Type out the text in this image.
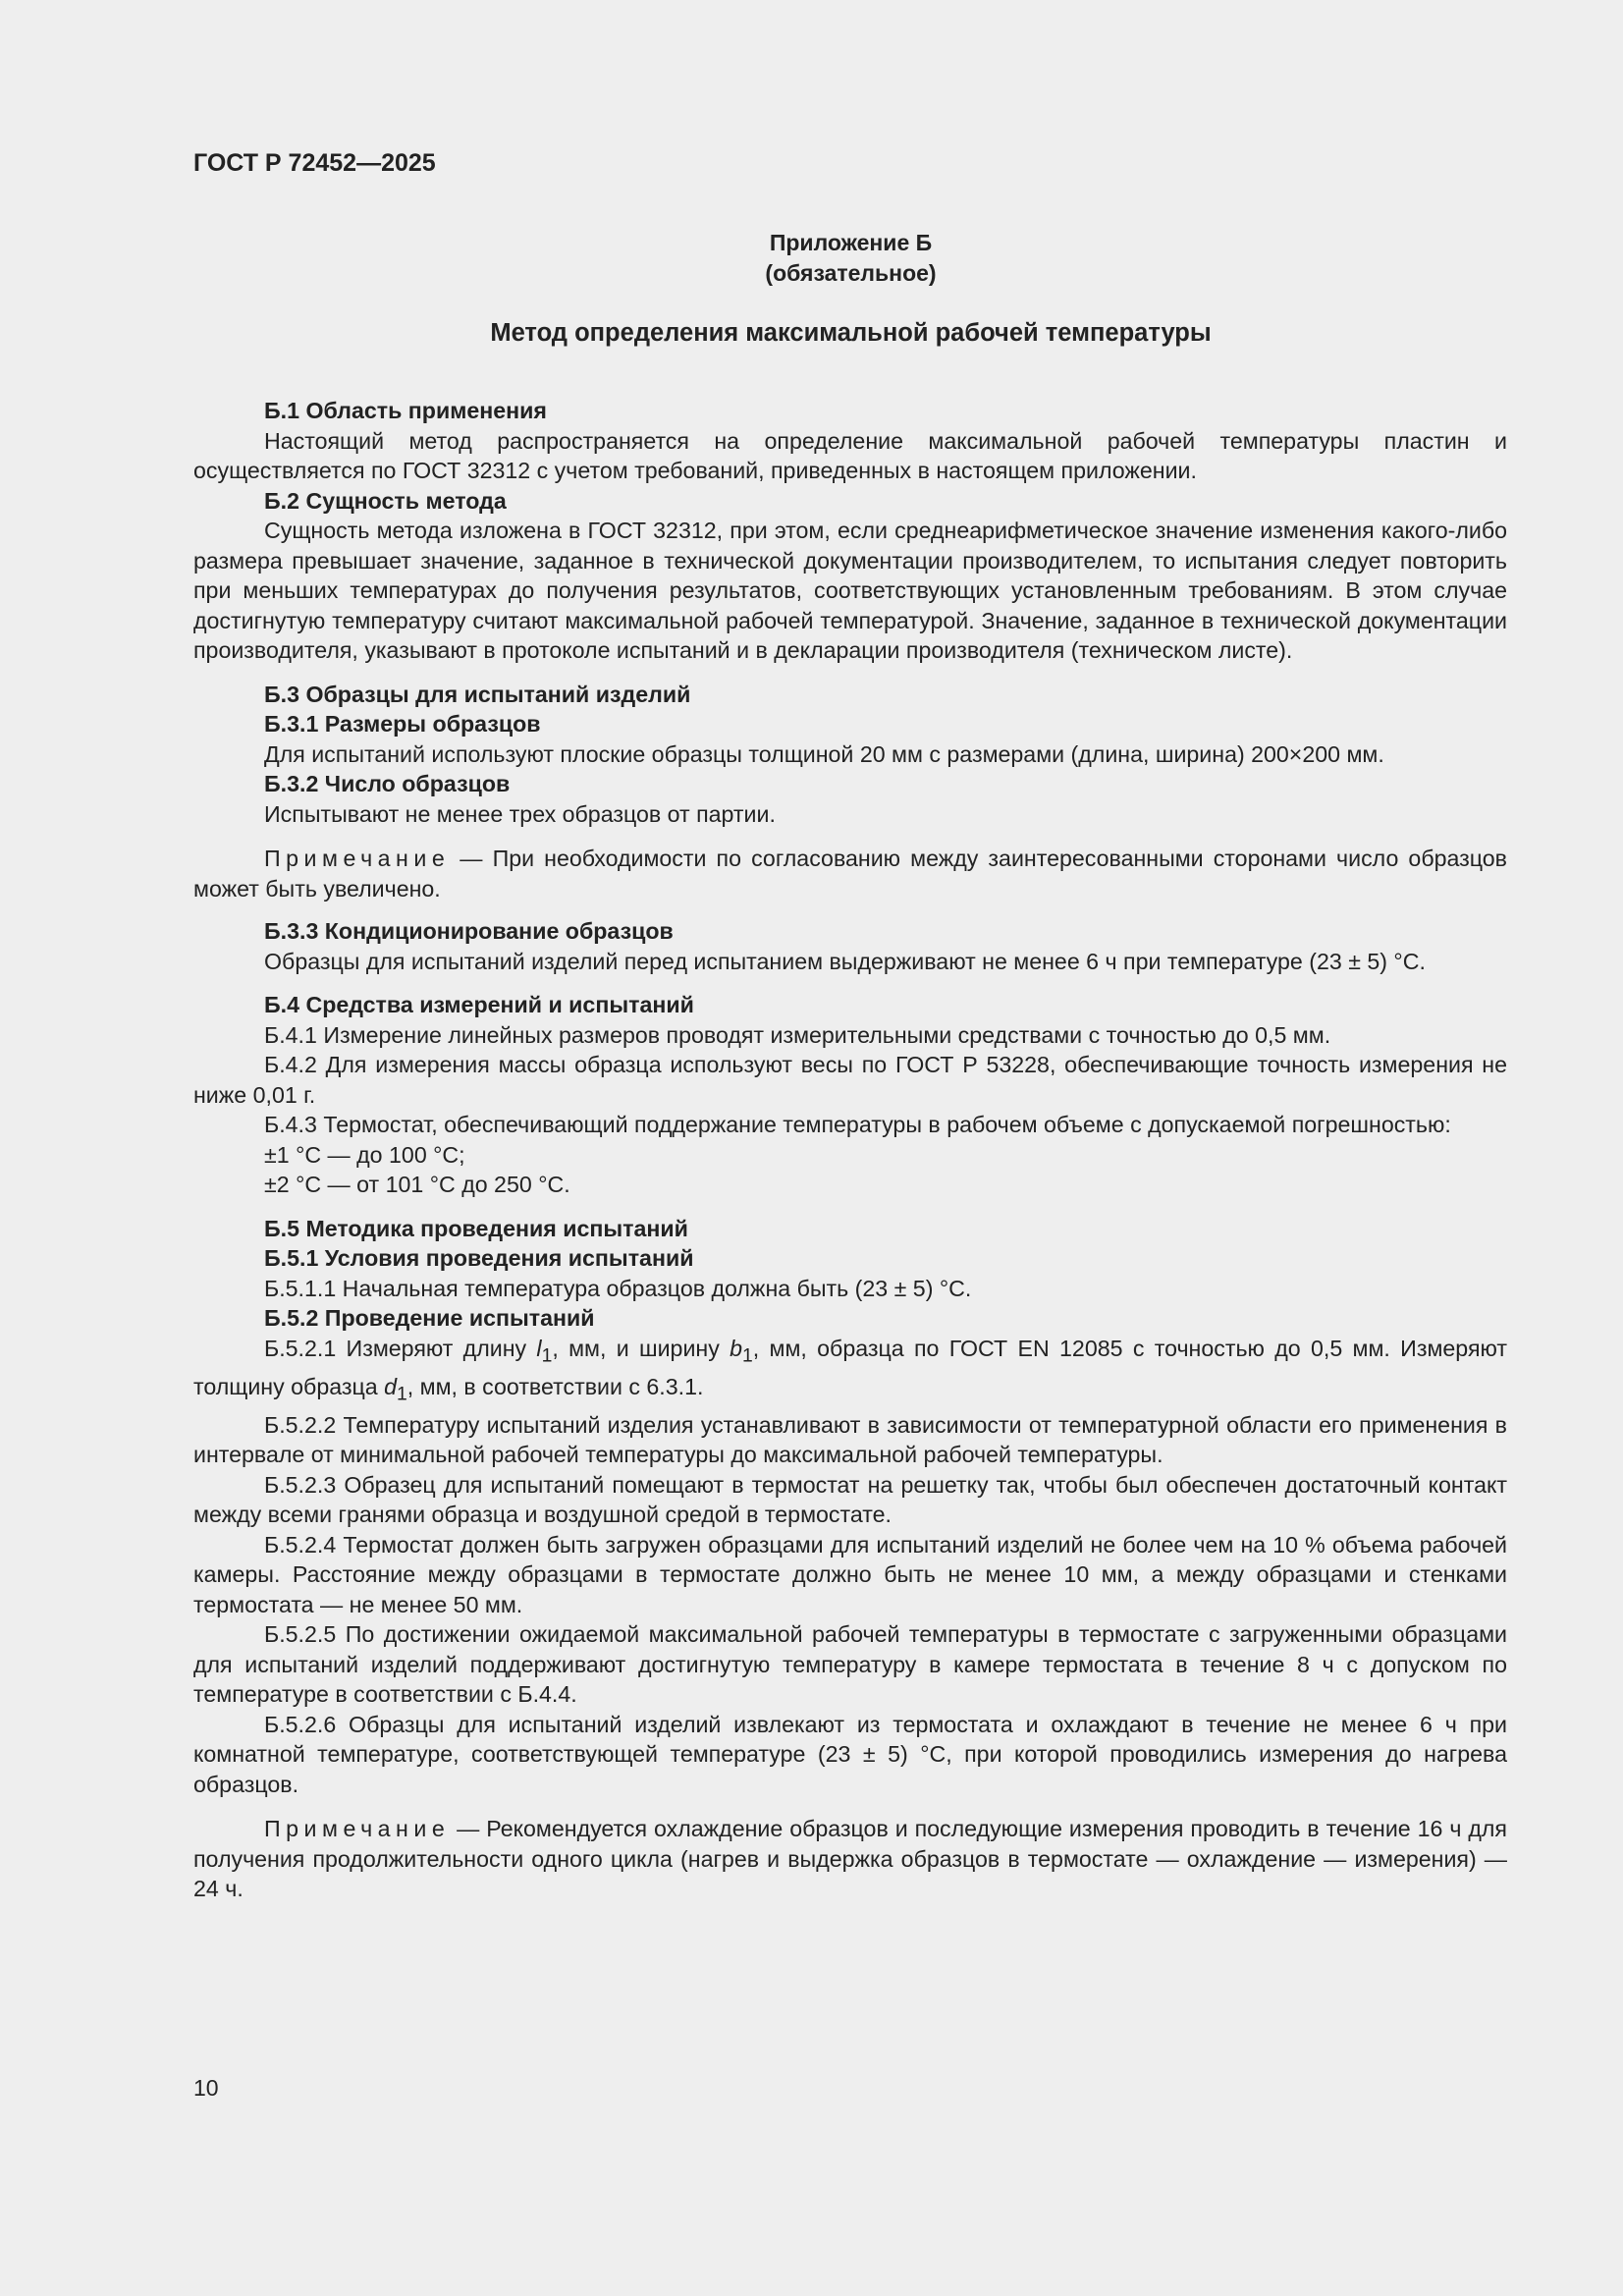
ГОСТ Р 72452—2025
Приложение Б
(обязательное)
Метод определения максимальной рабочей температуры

Б.1 Область применения

Настоящий метод распространяется на определение максимальной рабочей температуры пластин и осуществляется по ГОСТ 32312 с учетом требований, приведенных в настоящем приложении.

Б.2 Сущность метода

Сущность метода изложена в ГОСТ 32312, при этом, если среднеарифметическое значение изменения какого-либо размера превышает значение, заданное в технической документации производителем, то испытания следует повторить при меньших температурах до получения результатов, соответствующих установленным требованиям. В этом случае достигнутую температуру считают максимальной рабочей температурой. Значение, заданное в технической документации производителя, указывают в протоколе испытаний и в декларации производителя (техническом листе).

Б.3 Образцы для испытаний изделий

Б.3.1 Размеры образцов

Для испытаний используют плоские образцы толщиной 20 мм с размерами (длина, ширина) 200×200 мм.

Б.3.2 Число образцов

Испытывают не менее трех образцов от партии.

Примечание — При необходимости по согласованию между заинтересованными сторонами число образцов может быть увеличено.

Б.3.3 Кондиционирование образцов

Образцы для испытаний изделий перед испытанием выдерживают не менее 6 ч при температуре (23 ± 5) °С.

Б.4 Средства измерений и испытаний

Б.4.1 Измерение линейных размеров проводят измерительными средствами с точностью до 0,5 мм.

Б.4.2 Для измерения массы образца используют весы по ГОСТ Р 53228, обеспечивающие точность измерения не ниже 0,01 г.

Б.4.3 Термостат, обеспечивающий поддержание температуры в рабочем объеме с допускаемой погрешностью:

±1 °С — до 100 °С;

±2 °С — от 101 °С до 250 °С.

Б.5 Методика проведения испытаний

Б.5.1 Условия проведения испытаний

Б.5.1.1 Начальная температура образцов должна быть (23 ± 5) °С.

Б.5.2 Проведение испытаний

Б.5.2.1 Измеряют длину $l_1$, мм, и ширину $b_1$, мм, образца по ГОСТ EN 12085 с точностью до 0,5 мм. Измеряют толщину образца $d_1$, мм, в соответствии с 6.3.1.

Б.5.2.2 Температуру испытаний изделия устанавливают в зависимости от температурной области его применения в интервале от минимальной рабочей температуры до максимальной рабочей температуры.

Б.5.2.3 Образец для испытаний помещают в термостат на решетку так, чтобы был обеспечен достаточный контакт между всеми гранями образца и воздушной средой в термостате.

Б.5.2.4 Термостат должен быть загружен образцами для испытаний изделий не более чем на 10 % объема рабочей камеры. Расстояние между образцами в термостате должно быть не менее 10 мм, а между образцами и стенками термостата — не менее 50 мм.

Б.5.2.5 По достижении ожидаемой максимальной рабочей температуры в термостате с загруженными образцами для испытаний изделий поддерживают достигнутую температуру в камере термостата в течение 8 ч с допуском по температуре в соответствии с Б.4.4.

Б.5.2.6 Образцы для испытаний изделий извлекают из термостата и охлаждают в течение не менее 6 ч при комнатной температуре, соответствующей температуре (23 ± 5) °С, при которой проводились измерения до нагрева образцов.

Примечание — Рекомендуется охлаждение образцов и последующие измерения проводить в течение 16 ч для получения продолжительности одного цикла (нагрев и выдержка образцов в термостате — охлаждение — измерения) — 24 ч.

10
